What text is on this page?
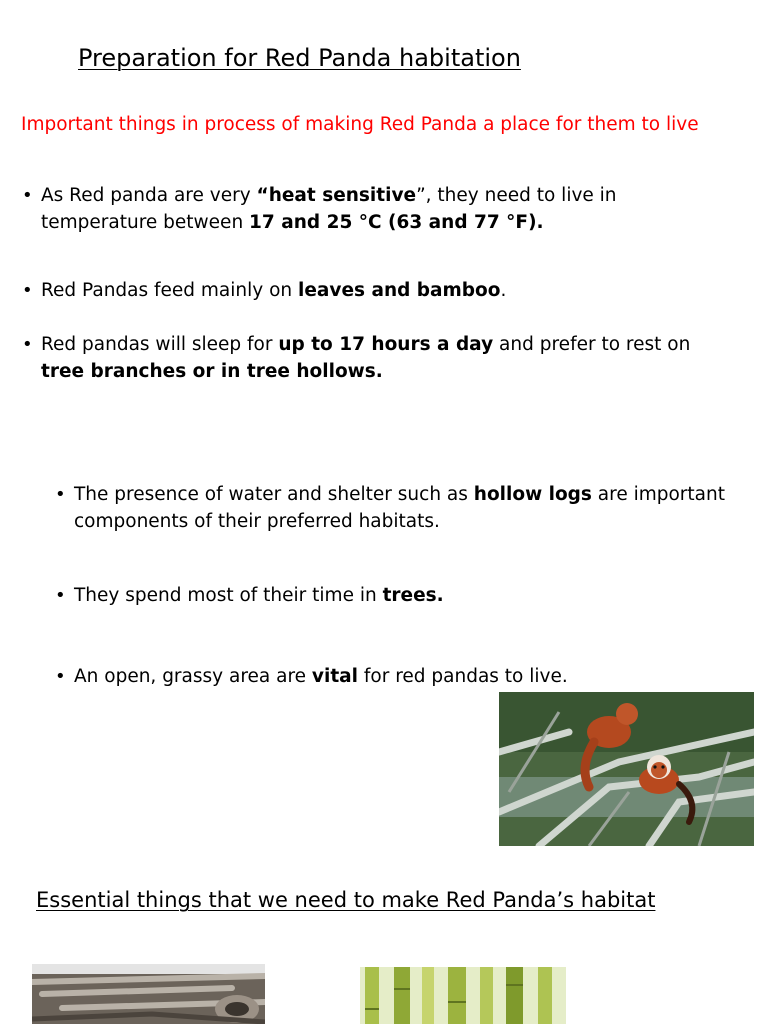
Preparation for Red Panda habitation
Important things in process of making Red Panda a place for them to live
• As Red panda are very “heat sensitive”, they need to live in temperature between 17 and 25 °C (63 and 77 °F).
• Red Pandas feed mainly on leaves and bamboo.
• Red pandas will sleep for up to 17 hours a day and prefer to rest on
tree branches or in tree hollows.
• The presence of water and shelter such as hollow logs are important components of their preferred habitats.
• They spend most of their time in trees.
• An open, grassy area are vital for red pandas to live.
Essential things that we need to make Red Panda’s habitat
